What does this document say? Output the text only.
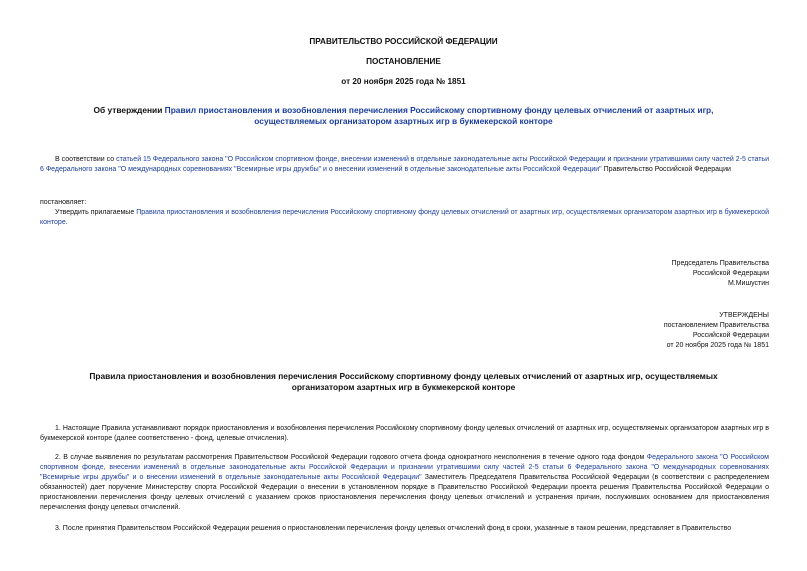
ПРАВИТЕЛЬСТВО РОССИЙСКОЙ ФЕДЕРАЦИИ
ПОСТАНОВЛЕНИЕ
от 20 ноября 2025 года № 1851
Об утверждении Правил приостановления и возобновления перечисления Российскому спортивному фонду целевых отчислений от азартных игр, осуществляемых организатором азартных игр в букмекерской конторе
В соответствии со статьей 15 Федерального закона "О Российском спортивном фонде, внесении изменений в отдельные законодательные акты Российской Федерации и признании утратившими силу частей 2-5 статьи 6 Федерального закона "О международных соревнованиях "Всемирные игры дружбы" и о внесении изменений в отдельные законодательные акты Российской Федерации" Правительство Российской Федерации
постановляет:
Утвердить прилагаемые Правила приостановления и возобновления перечисления Российскому спортивному фонду целевых отчислений от азартных игр, осуществляемых организатором азартных игр в букмекерской конторе.
Председатель Правительства
Российской Федерации
М.Мишустин
УТВЕРЖДЕНЫ
постановлением Правительства
Российской Федерации
от 20 ноября 2025 года № 1851
Правила приостановления и возобновления перечисления Российскому спортивному фонду целевых отчислений от азартных игр, осуществляемых организатором азартных игр в букмекерской конторе
1. Настоящие Правила устанавливают порядок приостановления и возобновления перечисления Российскому спортивному фонду целевых отчислений от азартных игр, осуществляемых организатором азартных игр в букмекерской конторе (далее соответственно - фонд, целевые отчисления).
2. В случае выявления по результатам рассмотрения Правительством Российской Федерации годового отчета фонда однократного неисполнения в течение одного года фондом Федерального закона "О Российском спортивном фонде, внесении изменений в отдельные законодательные акты Российской Федерации и признании утратившими силу частей 2-5 статьи 6 Федерального закона "О международных соревнованиях "Всемирные игры дружбы" и о внесении изменений в отдельные законодательные акты Российской Федерации" Заместитель Председателя Правительства Российской Федерации (в соответствии с распределением обязанностей) дает поручение Министерству спорта Российской Федерации о внесении в установленном порядке в Правительство Российской Федерации проекта решения Правительства Российской Федерации о приостановлении перечисления фонду целевых отчислений с указанием сроков приостановления перечисления фонду целевых отчислений и устранения причин, послуживших основанием для приостановления перечисления фонду целевых отчислений.
3. После принятия Правительством Российской Федерации решения о приостановлении перечисления фонду целевых отчислений фонд в сроки, указанные в таком решении, представляет в Правительство
